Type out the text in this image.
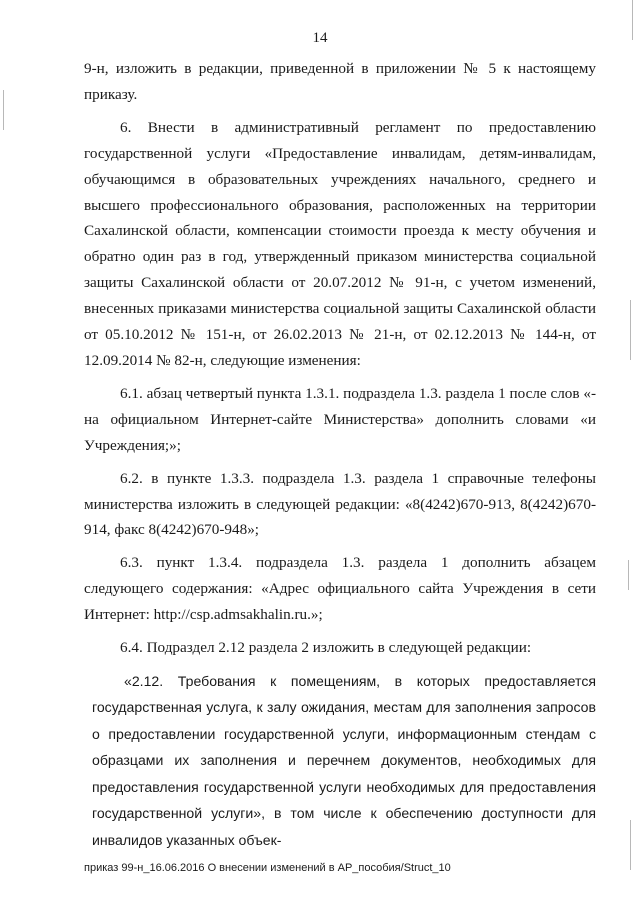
14

9-н, изложить в редакции, приведенной в приложении № 5 к настоящему приказу.

6. Внести в административный регламент по предоставлению государственной услуги «Предоставление инвалидам, детям-инвалидам, обучающимся в образовательных учреждениях начального, среднего и высшего профессионального образования, расположенных на территории Сахалинской области, компенсации стоимости проезда к месту обучения и обратно один раз в год, утвержденный приказом министерства социальной защиты Сахалинской области от 20.07.2012 № 91-н, с учетом изменений, внесенных приказами министерства социальной защиты Сахалинской области от 05.10.2012 № 151-н, от 26.02.2013 № 21-н, от 02.12.2013 № 144-н, от 12.09.2014 № 82-н, следующие изменения:

6.1. абзац четвертый пункта 1.3.1. подраздела 1.3. раздела 1 после слов «- на официальном Интернет-сайте Министерства» дополнить словами «и Учреждения;»;

6.2. в пункте 1.3.3. подраздела 1.3. раздела 1 справочные телефоны министерства изложить в следующей редакции: «8(4242)670-913, 8(4242)670-914, факс 8(4242)670-948»;

6.3. пункт 1.3.4. подраздела 1.3. раздела 1 дополнить абзацем следующего содержания: «Адрес официального сайта Учреждения в сети Интернет: http://csp.admsakhalin.ru.»;

6.4. Подраздел 2.12 раздела 2 изложить в следующей редакции:

«2.12. Требования к помещениям, в которых предоставляется государственная услуга, к залу ожидания, местам для заполнения запросов о предоставлении государственной услуги, информационным стендам с образцами их заполнения и перечнем документов, необходимых для предоставления государственной услуги необходимых для предоставления государственной услуги», в том числе к обеспечению доступности для инвалидов указанных объек-

приказ 99-н_16.06.2016 О внесении изменений в АР_пособия/Struct_10
